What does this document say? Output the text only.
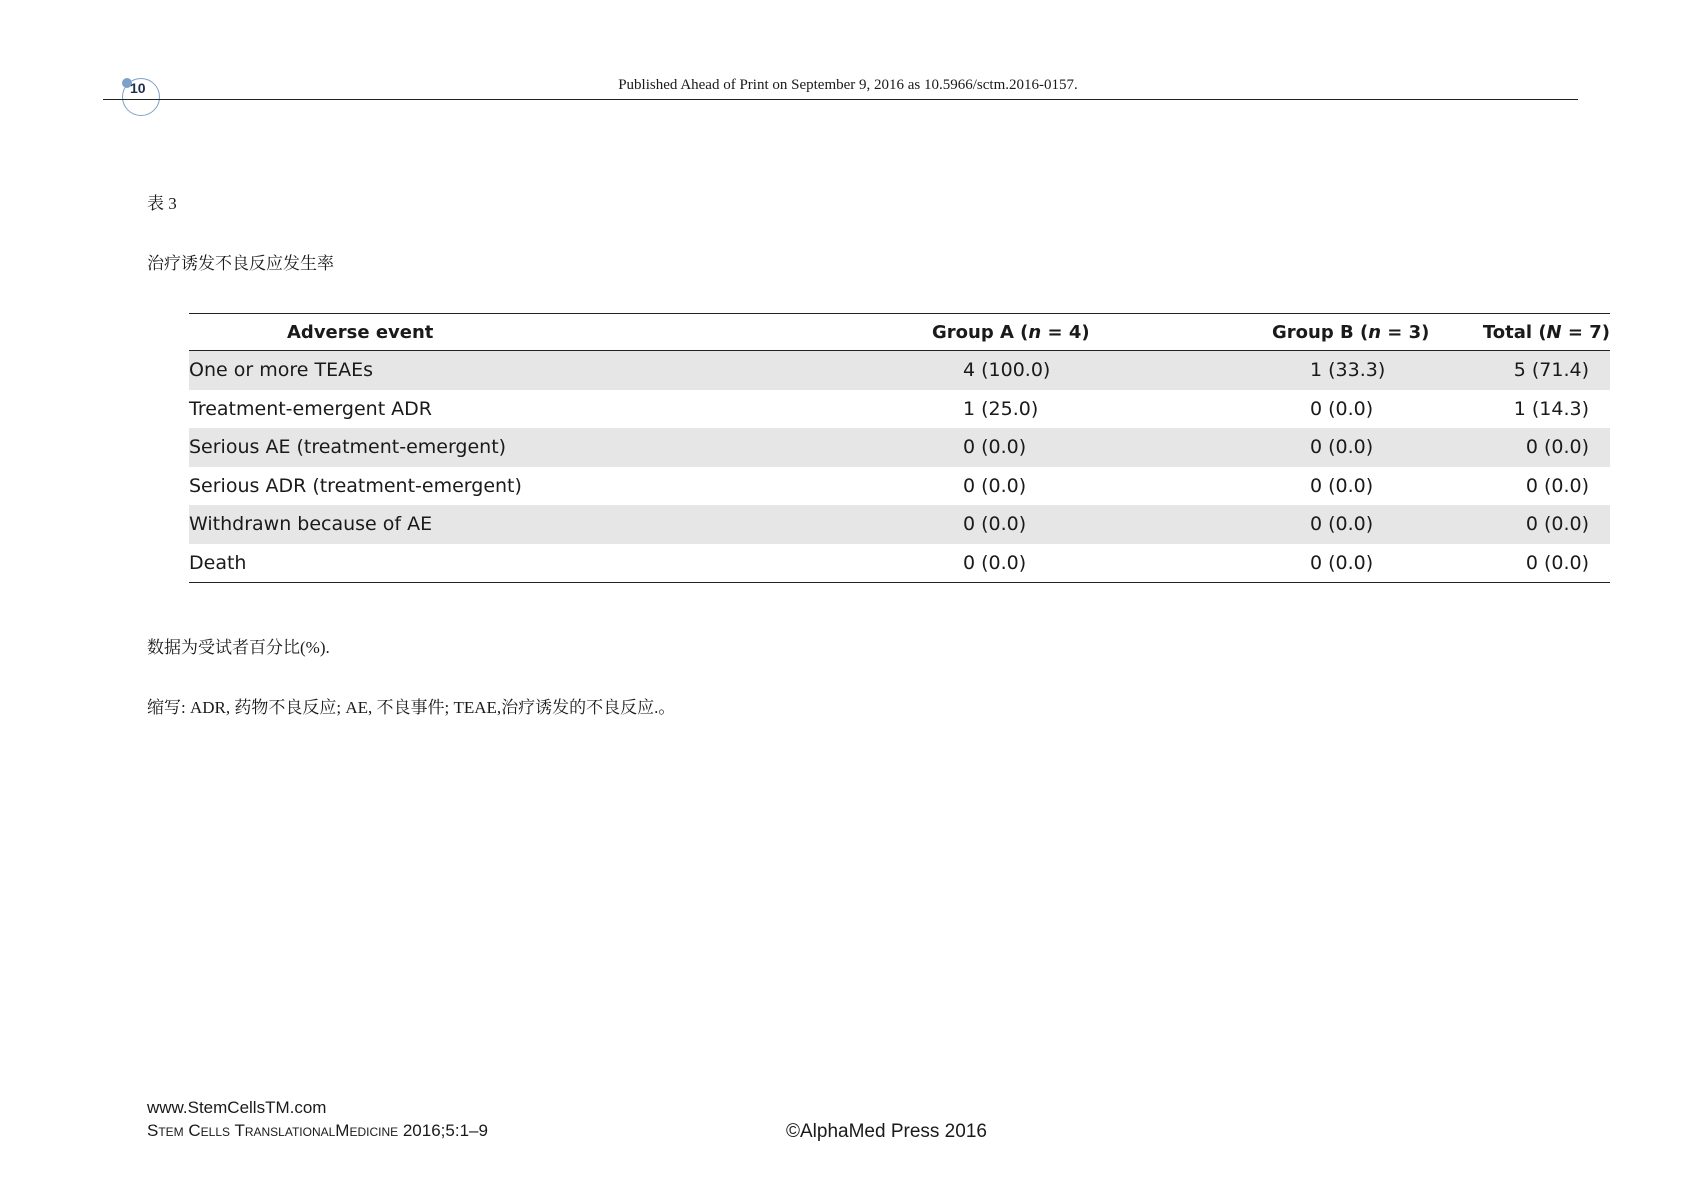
10	Published Ahead of Print on September 9, 2016 as 10.5966/sctm.2016-0157.
表 3
治疗诱发不良反应发生率
Adverse event	Group A (n = 4)	Group B (n = 3)	Total (N = 7)
One or more TEAEs	4 (100.0)	1 (33.3)	5 (71.4)
Treatment-emergent ADR	1 (25.0)	0 (0.0)	1 (14.3)
Serious AE (treatment-emergent)	0 (0.0)	0 (0.0)	0 (0.0)
Serious ADR (treatment-emergent)	0 (0.0)	0 (0.0)	0 (0.0)
Withdrawn because of AE	0 (0.0)	0 (0.0)	0 (0.0)
Death	0 (0.0)	0 (0.0)	0 (0.0)
数据为受试者百分比(%).
缩写: ADR, 药物不良反应; AE, 不良事件; TEAE,治疗诱发的不良反应.。
www.StemCellsTM.com
Stem Cells TranslationalMedicine 2016;5:1–9	©AlphaMed Press 2016
